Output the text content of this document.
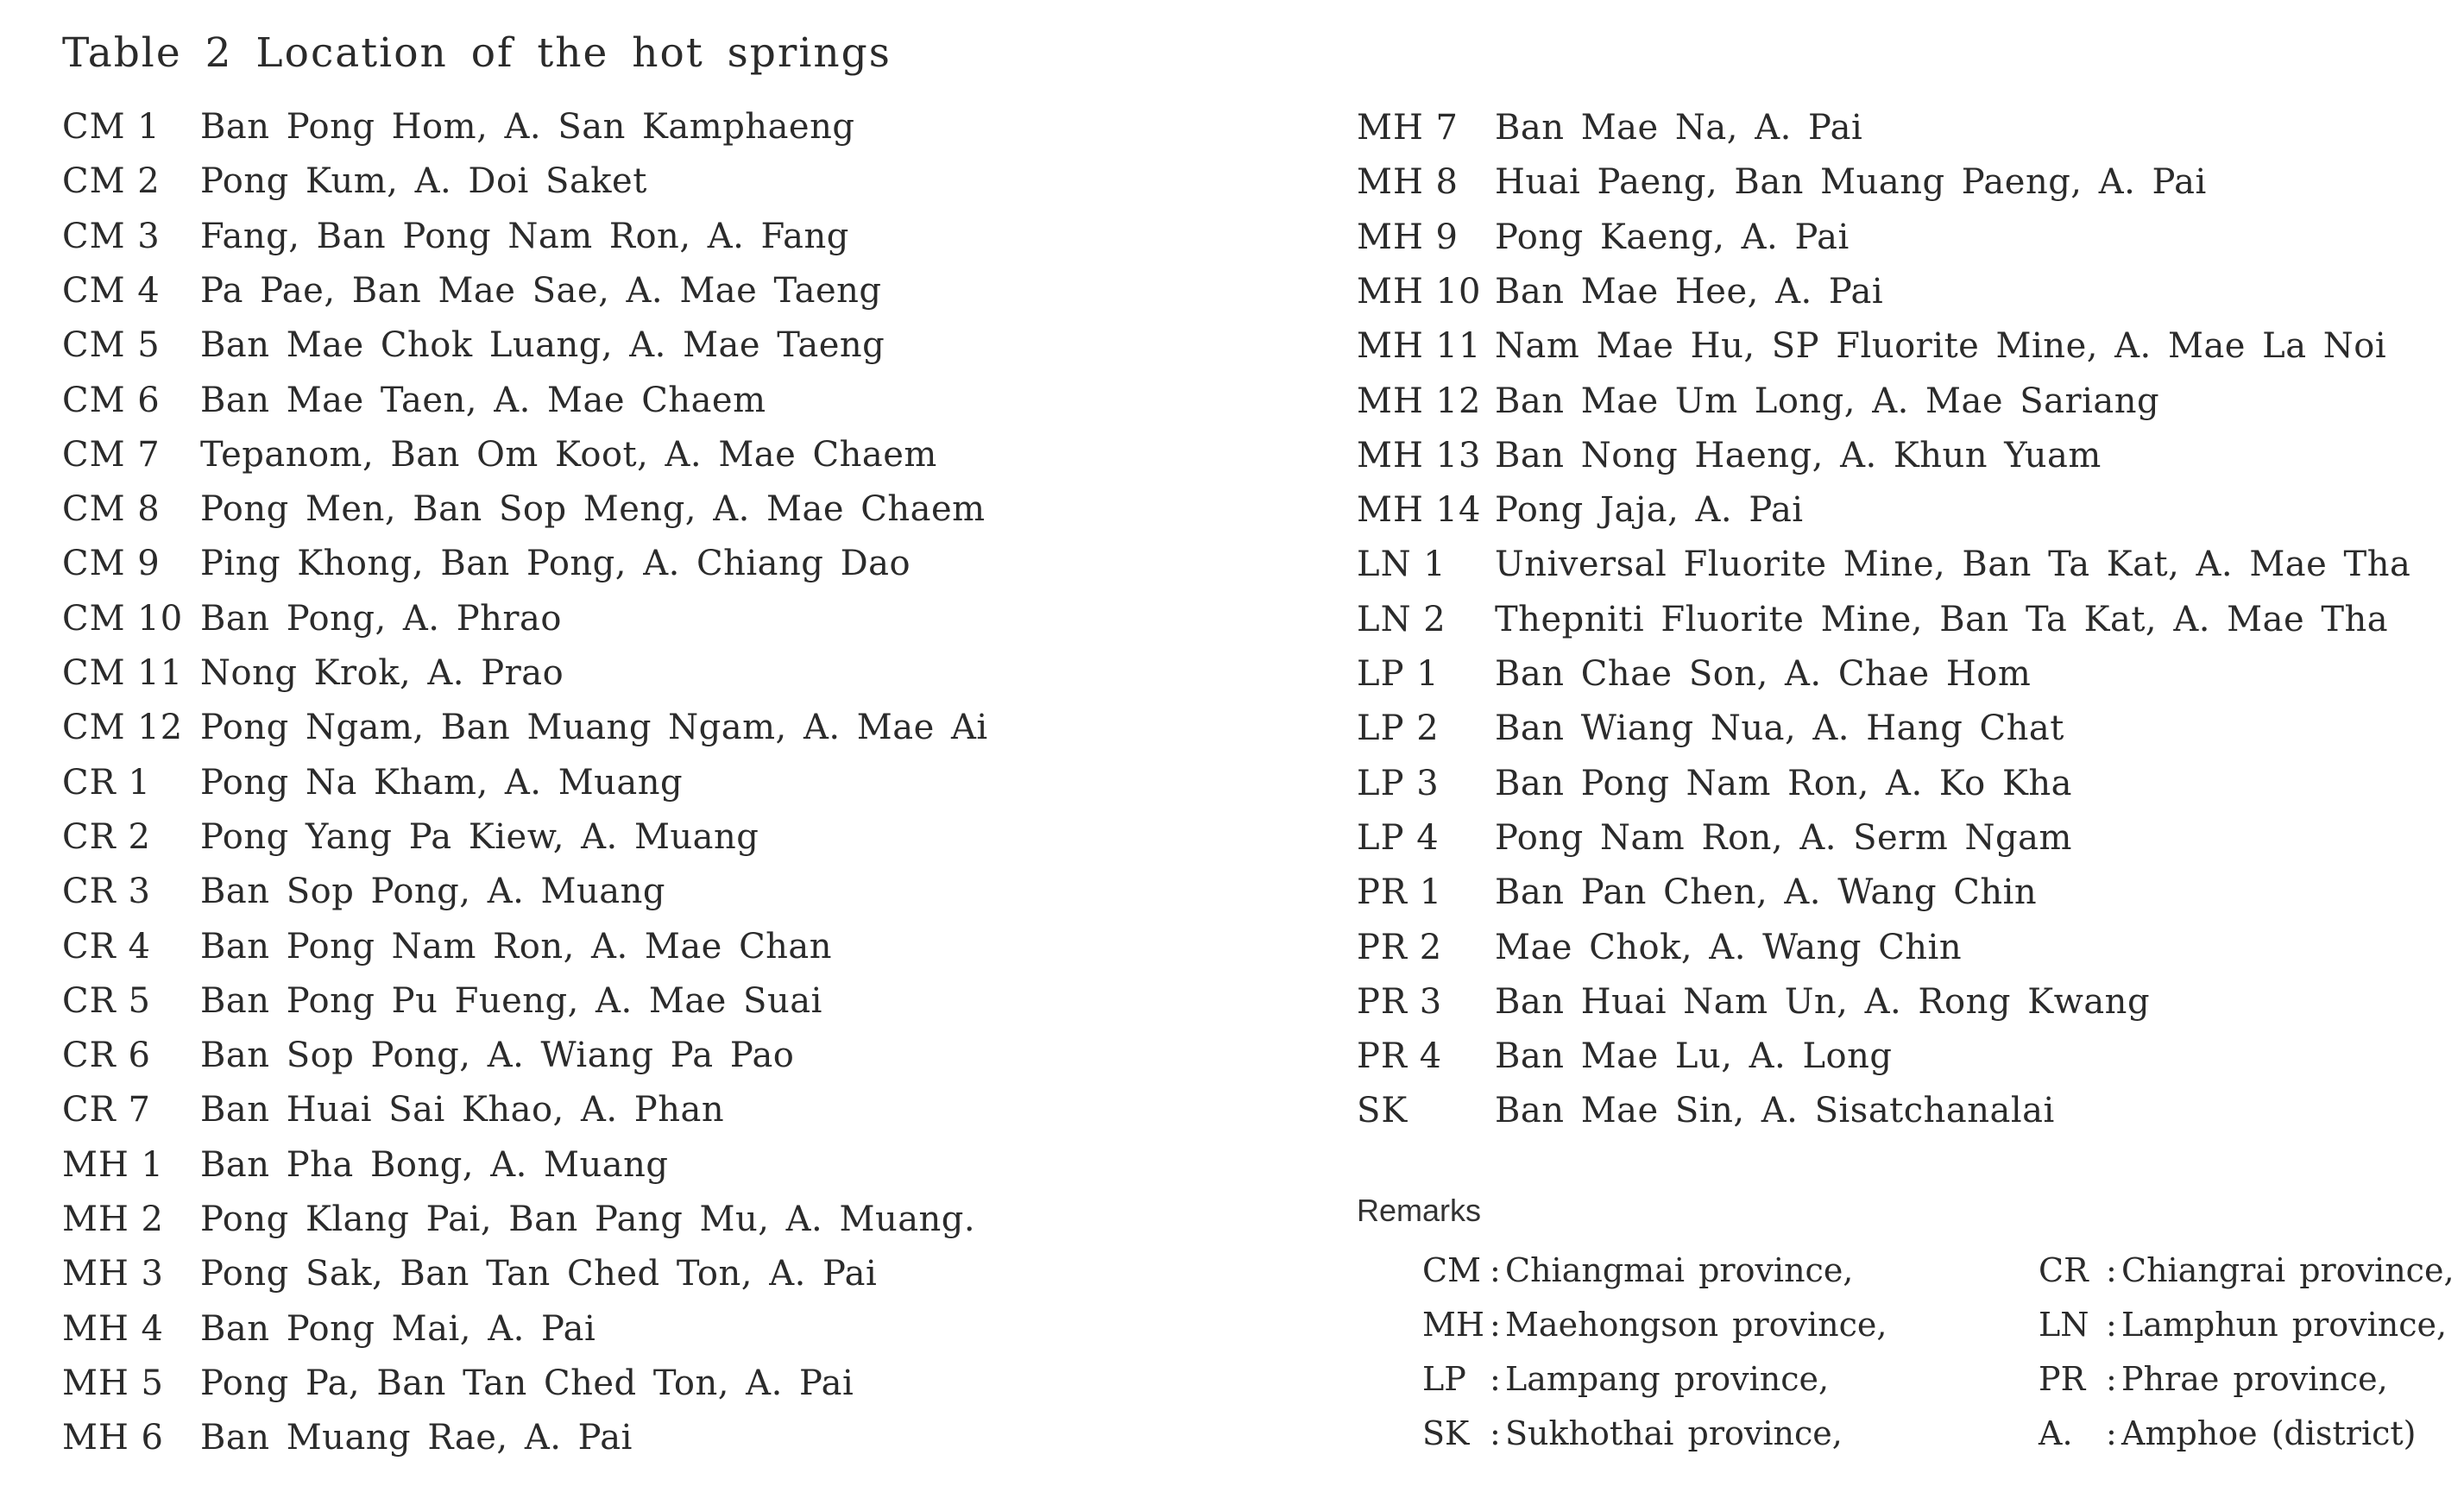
Table 2 Location of the hot springs
CM 1	Ban Pong Hom, A. San Kamphaeng
CM 2	Pong Kum, A. Doi Saket
CM 3	Fang, Ban Pong Nam Ron, A. Fang
CM 4	Pa Pae, Ban Mae Sae, A. Mae Taeng
CM 5	Ban Mae Chok Luang, A. Mae Taeng
CM 6	Ban Mae Taen, A. Mae Chaem
CM 7	Tepanom, Ban Om Koot, A. Mae Chaem
CM 8	Pong Men, Ban Sop Meng, A. Mae Chaem
CM 9	Ping Khong, Ban Pong, A. Chiang Dao
CM 10 Ban Pong, A. Phrao
CM 11 Nong Krok, A. Prao
CM 12 Pong Ngam, Ban Muang Ngam, A. Mae Ai
CR 1	Pong Na Kham, A. Muang
CR 2	Pong Yang Pa Kiew, A. Muang
CR 3	Ban Sop Pong, A. Muang
CR 4	Ban Pong Nam Ron, A. Mae Chan
CR 5	Ban Pong Pu Fueng, A. Mae Suai
CR 6	Ban Sop Pong, A. Wiang Pa Pao
CR 7	Ban Huai Sai Khao, A. Phan
MH 1	Ban Pha Bong, A. Muang
MH 2	Pong Klang Pai, Ban Pang Mu, A. Muang.
MH 3	Pong Sak, Ban Tan Ched Ton, A. Pai
MH 4	Ban Pong Mai, A. Pai
MH 5	Pong Pa, Ban Tan Ched Ton, A. Pai
MH 6	Ban Muang Rae, A. Pai
MH 7	Ban Mae Na, A. Pai
MH 8	Huai Paeng, Ban Muang Paeng, A. Pai
MH 9	Pong Kaeng, A. Pai
MH 10 Ban Mae Hee, A. Pai
MH 11 Nam Mae Hu, SP Fluorite Mine, A. Mae La Noi
MH 12 Ban Mae Um Long, A. Mae Sariang
MH 13 Ban Nong Haeng, A. Khun Yuam
MH 14 Pong Jaja, A. Pai
LN 1	Universal Fluorite Mine, Ban Ta Kat, A. Mae Tha
LN 2	Thepniti Fluorite Mine, Ban Ta Kat, A. Mae Tha
LP 1	Ban Chae Son, A. Chae Hom
LP 2	Ban Wiang Nua, A. Hang Chat
LP 3	Ban Pong Nam Ron, A. Ko Kha
LP 4	Pong Nam Ron, A. Serm Ngam
PR 1	Ban Pan Chen, A. Wang Chin
PR 2	Mae Chok, A. Wang Chin
PR 3	Ban Huai Nam Un, A. Rong Kwang
PR 4	Ban Mae Lu, A. Long
SK	Ban Mae Sin, A. Sisatchanalai
Remarks
CM : Chiangmai province,	CR : Chiangrai province,
MH : Maehongson province,	LN : Lamphun province,
LP : Lampang province,	PR : Phrae province,
SK : Sukhothai province,	A.	: Amphoe (district)
